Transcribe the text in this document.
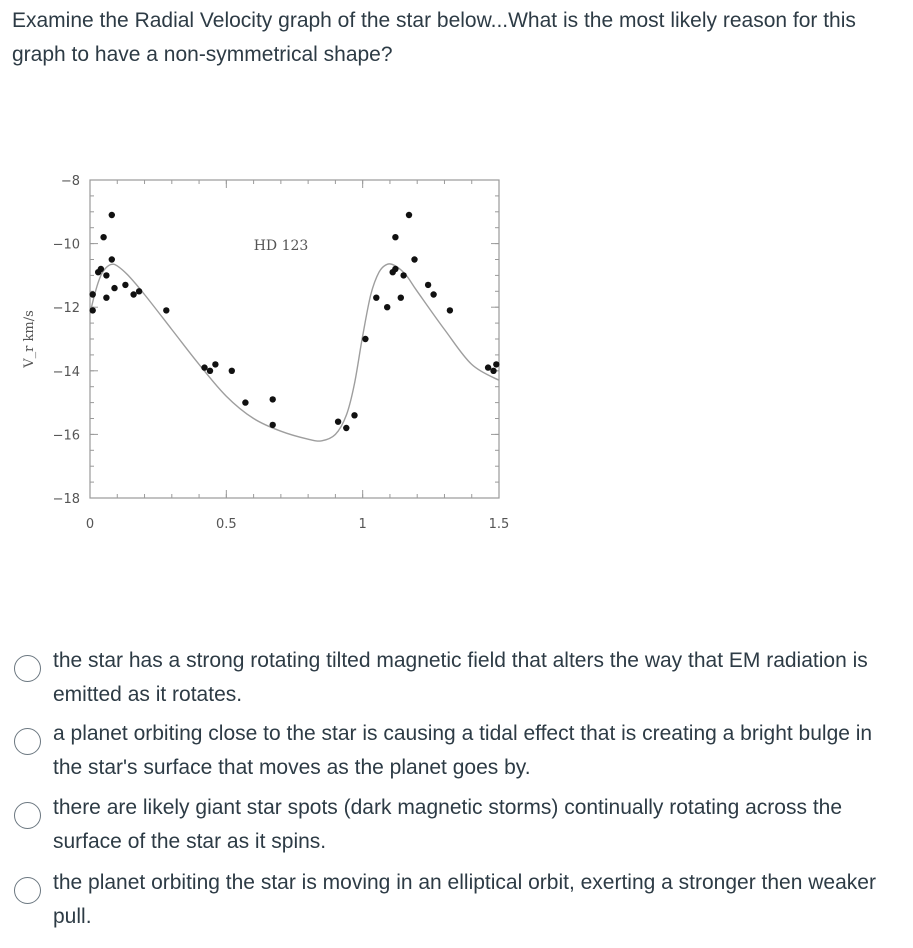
Examine the Radial Velocity graph of the star below...What is the most likely reason for this graph to have a non-symmetrical shape?
−8
−10
−12
−14
−16
−18
0	0.5	1	1.5
HD 123
V_r km/s
the star has a strong rotating tilted magnetic field that alters the way that EM radiation is emitted as it rotates.
a planet orbiting close to the star is causing a tidal effect that is creating a bright bulge in the star's surface that moves as the planet goes by.
there are likely giant star spots (dark magnetic storms) continually rotating across the surface of the star as it spins.
the planet orbiting the star is moving in an elliptical orbit, exerting a stronger then weaker pull.
